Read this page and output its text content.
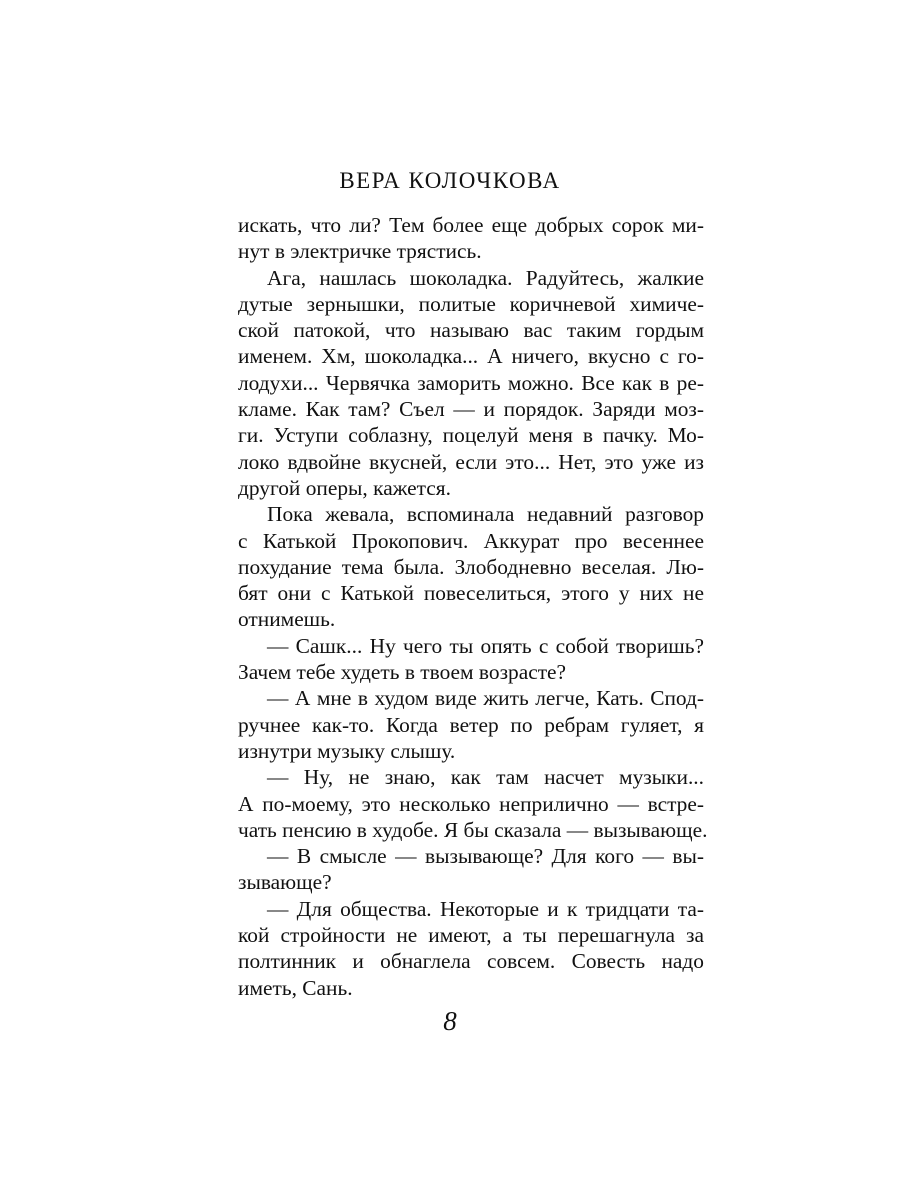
ВЕРА КОЛОЧКОВА
искать, что ли? Тем более еще добрых сорок ми-
нут в электричке трястись.
Ага, нашлась шоколадка. Радуйтесь, жалкие
дутые зернышки, политые коричневой химиче-
ской патокой, что называю вас таким гордым
именем. Хм, шоколадка... А ничего, вкусно с го-
лодухи... Червячка заморить можно. Все как в ре-
кламе. Как там? Съел — и порядок. Заряди моз-
ги. Уступи соблазну, поцелуй меня в пачку. Мо-
локо вдвойне вкусней, если это... Нет, это уже из
другой оперы, кажется.
Пока жевала, вспоминала недавний разговор
с Катькой Прокопович. Аккурат про весеннее
похудание тема была. Злободневно веселая. Лю-
бят они с Катькой повеселиться, этого у них не
отнимешь.
— Сашк... Ну чего ты опять с собой творишь?
Зачем тебе худеть в твоем возрасте?
— А мне в худом виде жить легче, Кать. Спод-
ручнее как-то. Когда ветер по ребрам гуляет, я
изнутри музыку слышу.
— Ну, не знаю, как там насчет музыки...
А по-моему, это несколько неприлично — встре-
чать пенсию в худобе. Я бы сказала — вызывающе.
— В смысле — вызывающе? Для кого — вы-
зывающе?
— Для общества. Некоторые и к тридцати та-
кой стройности не имеют, а ты перешагнула за
полтинник и обнаглела совсем. Совесть надо
иметь, Сань.
8
